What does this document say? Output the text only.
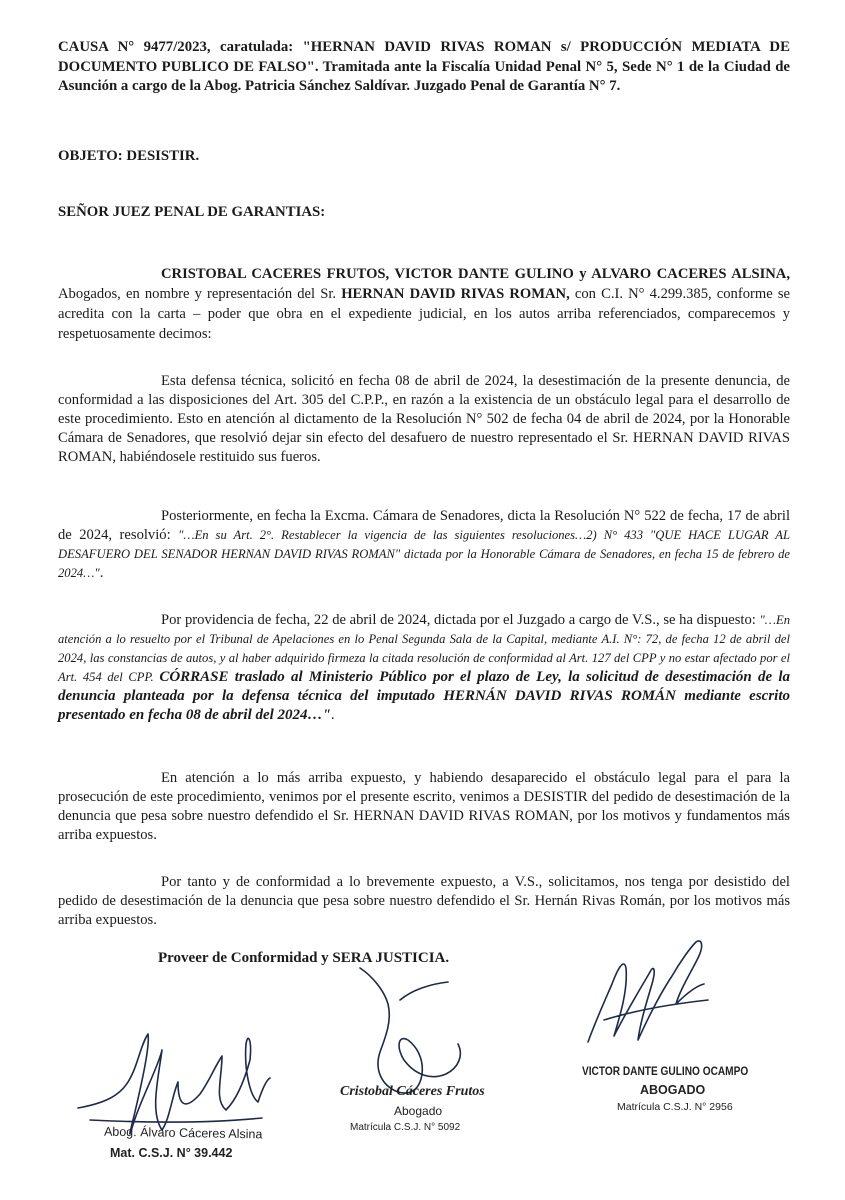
CAUSA N° 9477/2023, caratulada: "HERNAN DAVID RIVAS ROMAN s/ PRODUCCIÓN MEDIATA DE DOCUMENTO PUBLICO DE FALSO". Tramitada ante la Fiscalía Unidad Penal N° 5, Sede N° 1 de la Ciudad de Asunción a cargo de la Abog. Patricia Sánchez Saldívar. Juzgado Penal de Garantía N° 7.
OBJETO: DESISTIR.
SEÑOR JUEZ PENAL DE GARANTIAS:
CRISTOBAL CACERES FRUTOS, VICTOR DANTE GULINO y ALVARO CACERES ALSINA, Abogados, en nombre y representación del Sr. HERNAN DAVID RIVAS ROMAN, con C.I. N° 4.299.385, conforme se acredita con la carta – poder que obra en el expediente judicial, en los autos arriba referenciados, comparecemos y respetuosamente decimos:
Esta defensa técnica, solicitó en fecha 08 de abril de 2024, la desestimación de la presente denuncia, de conformidad a las disposiciones del Art. 305 del C.P.P., en razón a la existencia de un obstáculo legal para el desarrollo de este procedimiento. Esto en atención al dictamento de la Resolución N° 502 de fecha 04 de abril de 2024, por la Honorable Cámara de Senadores, que resolvió dejar sin efecto del desafuero de nuestro representado el Sr. HERNAN DAVID RIVAS ROMAN, habiéndosele restituido sus fueros.
Posteriormente, en fecha la Excma. Cámara de Senadores, dicta la Resolución N° 522 de fecha, 17 de abril de 2024, resolvió: "…En su Art. 2°. Restablecer la vigencia de las siguientes resoluciones…2) N° 433 "QUE HACE LUGAR AL DESAFUERO DEL SENADOR HERNAN DAVID RIVAS ROMAN" dictada por la Honorable Cámara de Senadores, en fecha 15 de febrero de 2024…".
Por providencia de fecha, 22 de abril de 2024, dictada por el Juzgado a cargo de V.S., se ha dispuesto: "…En atención a lo resuelto por el Tribunal de Apelaciones en lo Penal Segunda Sala de la Capital, mediante A.I. N°: 72, de fecha 12 de abril del 2024, las constancias de autos, y al haber adquirido firmeza la citada resolución de conformidad al Art. 127 del CPP y no estar afectado por el Art. 454 del CPP. CÓRRASE traslado al Ministerio Público por el plazo de Ley, la solicitud de desestimación de la denuncia planteada por la defensa técnica del imputado HERNÁN DAVID RIVAS ROMÁN mediante escrito presentado en fecha 08 de abril del 2024…".
En atención a lo más arriba expuesto, y habiendo desaparecido el obstáculo legal para el para la prosecución de este procedimiento, venimos por el presente escrito, venimos a DESISTIR del pedido de desestimación de la denuncia que pesa sobre nuestro defendido el Sr. HERNAN DAVID RIVAS ROMAN, por los motivos y fundamentos más arriba expuestos.
Por tanto y de conformidad a lo brevemente expuesto, a V.S., solicitamos, nos tenga por desistido del pedido de desestimación de la denuncia que pesa sobre nuestro defendido el Sr. Hernán Rivas Román, por los motivos más arriba expuestos.
Proveer de Conformidad y SERA JUSTICIA.
Abog. Álvaro Cáceres Alsina
Mat. C.S.J. N° 39.442
Cristobal Cáceres Frutos
Abogado
Matrícula C.S.J. N° 5092
VICTOR DANTE GULINO OCAMPO
ABOGADO
Matrícula C.S.J. N° 2956
